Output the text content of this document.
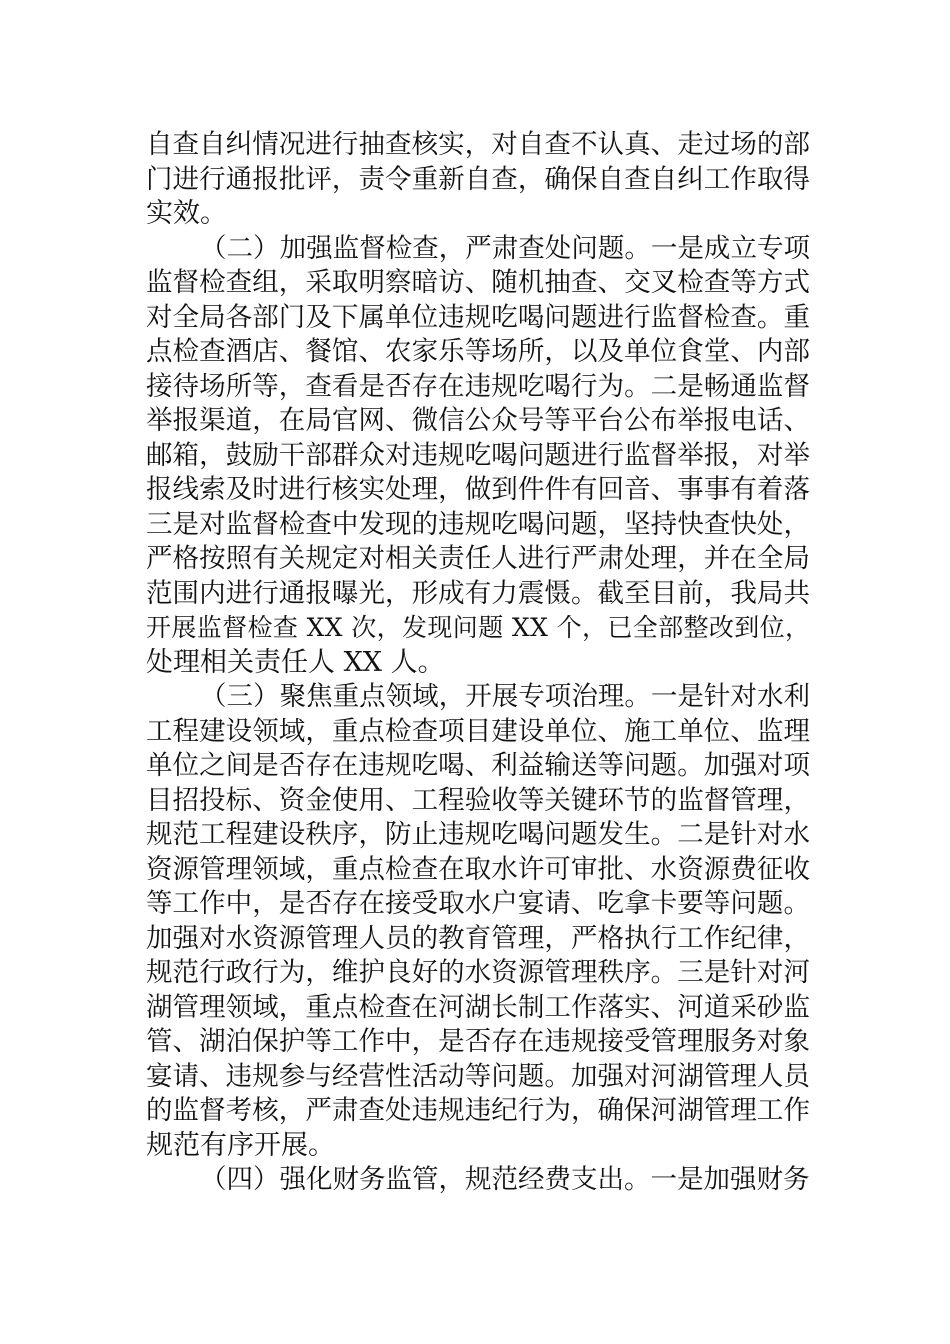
自查自纠情况进行抽查核实，对自查不认真、走过场的部
门进行通报批评，责令重新自查，确保自查自纠工作取得
实效。
（二）加强监督检查，严肃查处问题。一是成立专项
监督检查组，采取明察暗访、随机抽查、交叉检查等方式
对全局各部门及下属单位违规吃喝问题进行监督检查。重
点检查酒店、餐馆、农家乐等场所，以及单位食堂、内部
接待场所等，查看是否存在违规吃喝行为。二是畅通监督
举报渠道，在局官网、微信公众号等平台公布举报电话、
邮箱，鼓励干部群众对违规吃喝问题进行监督举报，对举
报线索及时进行核实处理，做到件件有回音、事事有着落
三是对监督检查中发现的违规吃喝问题，坚持快查快处，
严格按照有关规定对相关责任人进行严肃处理，并在全局
范围内进行通报曝光，形成有力震慑。截至目前，我局共
开展监督检查 XX 次，发现问题 XX 个，已全部整改到位，
处理相关责任人 XX 人。
（三）聚焦重点领域，开展专项治理。一是针对水利
工程建设领域，重点检查项目建设单位、施工单位、监理
单位之间是否存在违规吃喝、利益输送等问题。加强对项
目招投标、资金使用、工程验收等关键环节的监督管理，
规范工程建设秩序，防止违规吃喝问题发生。二是针对水
资源管理领域，重点检查在取水许可审批、水资源费征收
等工作中，是否存在接受取水户宴请、吃拿卡要等问题。
加强对水资源管理人员的教育管理，严格执行工作纪律，
规范行政行为，维护良好的水资源管理秩序。三是针对河
湖管理领域，重点检查在河湖长制工作落实、河道采砂监
管、湖泊保护等工作中，是否存在违规接受管理服务对象
宴请、违规参与经营性活动等问题。加强对河湖管理人员
的监督考核，严肃查处违规违纪行为，确保河湖管理工作
规范有序开展。
（四）强化财务监管，规范经费支出。一是加强财务
